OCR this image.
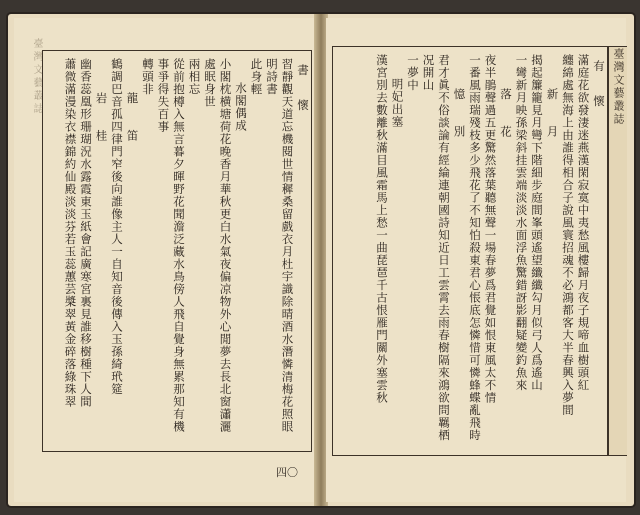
臺灣文藝叢誌	書　懷
習靜觀天道忘機閱世情穉桑留戲衣月杜宇識除晴酒水潛憐清梅花照眼明詩書
此身輕
水閣偶成
小閣枕横塘荷花晚香月華秋更白水氣夜偏凉物外心閒夢去長北窗瀟灑處眠身世
兩相忘
從前抱樽入無言暮夕暉野花聞澹泛藏水鳥傍人飛自覺身無累那知有機事爭得失百事
轉頭非
龍　　笛
鶴調巴音孤四律門窄後向誰像主人一自知音後傳入玉孫綺玳筵
岩　　桂
幽香蕊凰形珊瑚況水露霞東玉紙會記廣寒宮裏見誰移樹種下人間
蕭微滿漫染衣襟錦約仙殿淡淡芬若玉蕊蕙芸槳翠黃金碎落綠珠翠
四〇
臺灣文藝叢誌
有　懷
滿庭花欲發淒迷燕漢閑寂寞中夷愁風樓歸月夜子規啼血樹頭紅
纏綿處無海上由誰得相合子說風寰招魂不必鴻都客大半春興入夢間
新　　月
揭起簾籠見月彎下階細步庭間峯頭遙望纖纖勾月似弓人爲遙山
一彎新月映孫梁斜挂雲端淡淡水面浮魚驚錯訝影翻疑變釣魚來
落　　花
夜半鵑聲過五更驚然落葉聽無聲一場春夢爲君覺如恨東風太不情
一番風雨瑞殘枝多少飛花了不知怕殺東君心悵底怎憐惜可憐蜂蝶亂飛時
憶　　別
君才眞不俗談論有經綸連朝國詩知近日工雲霄去雨春樹隔來鴻欲問羈栖况開山
一夢中
明妃出塞
漢宮別去數離秋滿目風霜馬上愁一曲琵琶千古恨雁門關外塞雲秋
